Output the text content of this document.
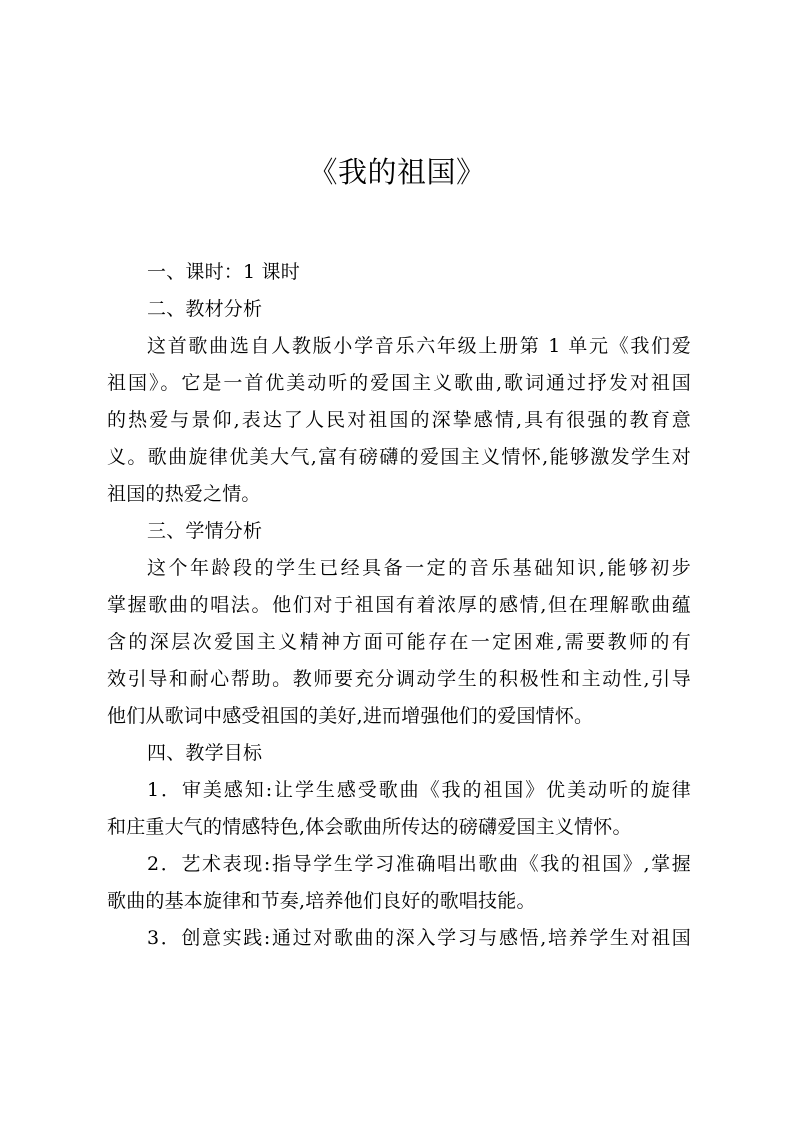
《我的祖国》
一、课时：1 课时
二、教材分析
这首歌曲选自人教版小学音乐六年级上册第 1 单元《我们爱
祖国》。它是一首优美动听的爱国主义歌曲,歌词通过抒发对祖国
的热爱与景仰,表达了人民对祖国的深挚感情,具有很强的教育意
义。歌曲旋律优美大气,富有磅礴的爱国主义情怀,能够激发学生对
祖国的热爱之情。
三、学情分析
这个年龄段的学生已经具备一定的音乐基础知识,能够初步
掌握歌曲的唱法。他们对于祖国有着浓厚的感情,但在理解歌曲蕴
含的深层次爱国主义精神方面可能存在一定困难,需要教师的有
效引导和耐心帮助。教师要充分调动学生的积极性和主动性,引导
他们从歌词中感受祖国的美好,进而增强他们的爱国情怀。
四、教学目标
1．审美感知:让学生感受歌曲《我的祖国》优美动听的旋律
和庄重大气的情感特色,体会歌曲所传达的磅礴爱国主义情怀。
2．艺术表现:指导学生学习准确唱出歌曲《我的祖国》,掌握
歌曲的基本旋律和节奏,培养他们良好的歌唱技能。
3．创意实践:通过对歌曲的深入学习与感悟,培养学生对祖国
